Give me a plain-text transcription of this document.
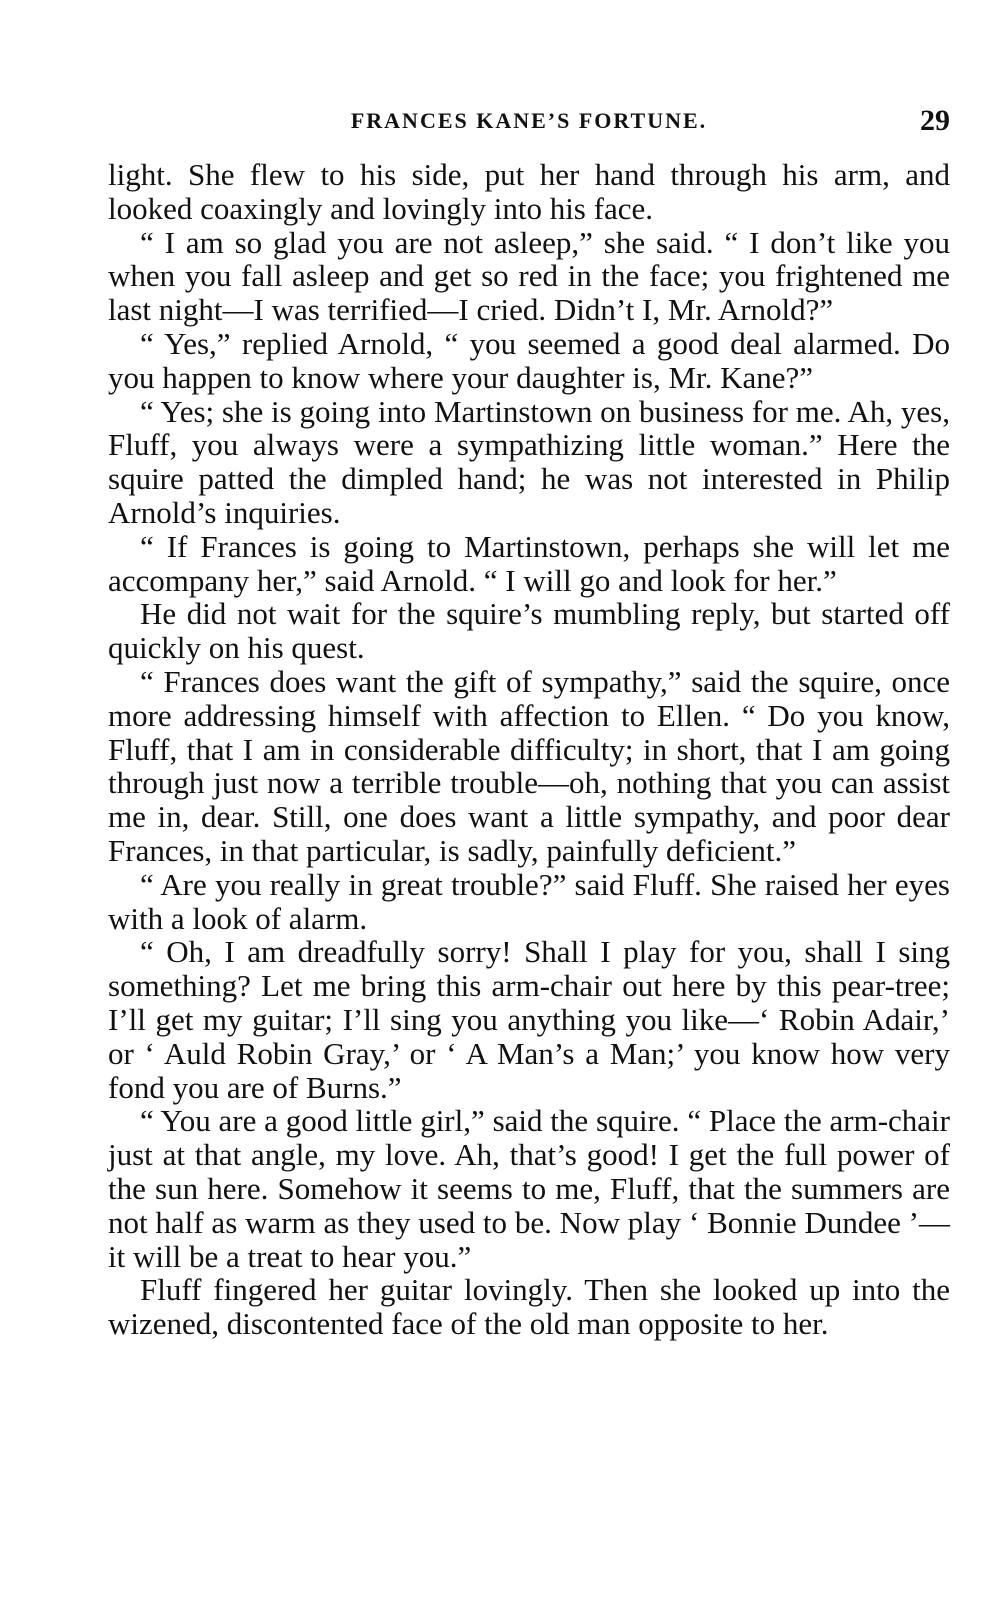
FRANCES KANE’S FORTUNE.	29

light. She flew to his side, put her hand through his arm, and looked coaxingly and lovingly into his face.

“ I am so glad you are not asleep,” she said. “ I don’t like you when you fall asleep and get so red in the face; you frightened me last night—I was terrified—I cried. Didn’t I, Mr. Arnold?”

“ Yes,” replied Arnold, “ you seemed a good deal alarmed. Do you happen to know where your daughter is, Mr. Kane?”

“ Yes; she is going into Martinstown on business for me. Ah, yes, Fluff, you always were a sympathizing little woman.” Here the squire patted the dimpled hand; he was not interested in Philip Arnold’s inquiries.

“ If Frances is going to Martinstown, perhaps she will let me accompany her,” said Arnold. “ I will go and look for her.”

He did not wait for the squire’s mumbling reply, but started off quickly on his quest.

“ Frances does want the gift of sympathy,” said the squire, once more addressing himself with affection to Ellen. “ Do you know, Fluff, that I am in considerable difficulty; in short, that I am going through just now a terrible trouble—oh, nothing that you can assist me in, dear. Still, one does want a little sympathy, and poor dear Frances, in that particular, is sadly, painfully deficient.”

“ Are you really in great trouble?” said Fluff. She raised her eyes with a look of alarm.

“ Oh, I am dreadfully sorry! Shall I play for you, shall I sing something? Let me bring this arm-chair out here by this pear-tree; I’ll get my guitar; I’ll sing you anything you like—‘ Robin Adair,’ or ‘ Auld Robin Gray,’ or ‘ A Man’s a Man;’ you know how very fond you are of Burns.”

“ You are a good little girl,” said the squire. “ Place the arm-chair just at that angle, my love. Ah, that’s good! I get the full power of the sun here. Somehow it seems to me, Fluff, that the summers are not half as warm as they used to be. Now play ‘ Bonnie Dundee ’—it will be a treat to hear you.”

Fluff fingered her guitar lovingly. Then she looked up into the wizened, discontented face of the old man opposite to her.
